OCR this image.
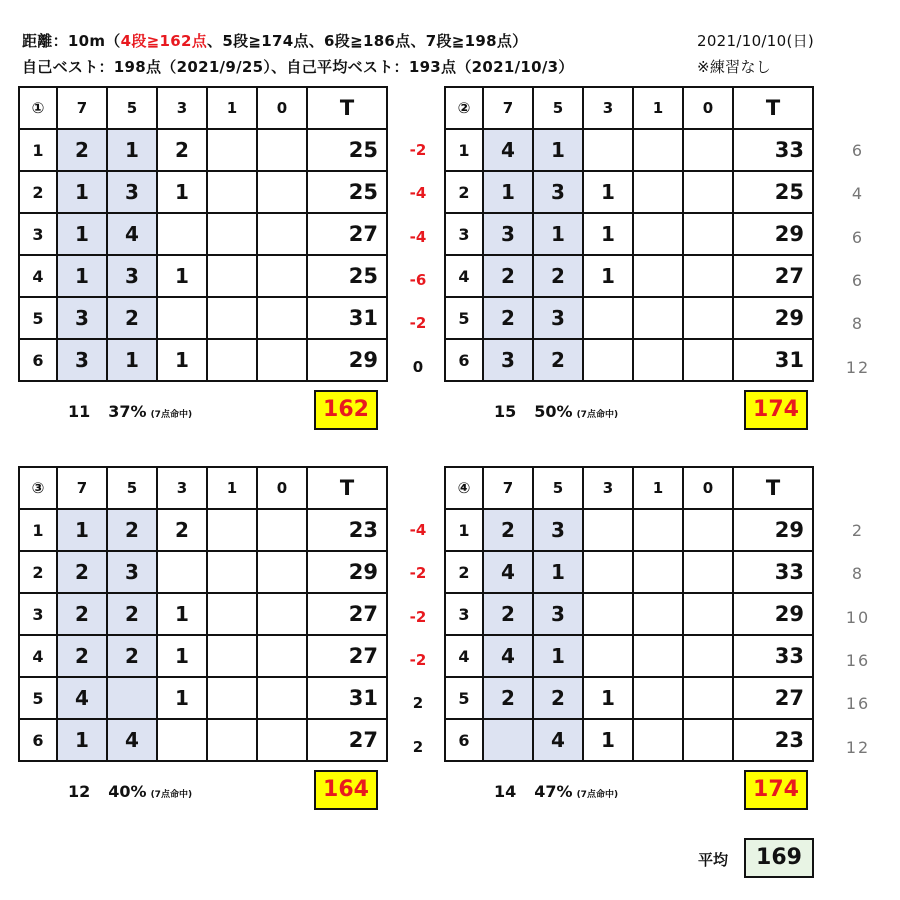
距離：10m（4段≧162点、5段≧174点、6段≧186点、7段≧198点）
自己ベスト：198点（2021/9/25）、自己平均ベスト：193点（2021/10/3）
2021/10/10(日)
※練習なし
-2
-4
-4
-6
-2
0
①	7	5	3	1	0	T
1	2	1	2			25
2	1	3	1			25
3	1	4				27
4	1	3	1			25
5	3	2				31
6	3	1	1			29
11 37% (7点命中)	162
6
4
6
6
8
12
②	7	5	3	1	0	T
1	4	1				33
2	1	3	1			25
3	3	1	1			29
4	2	2	1			27
5	2	3				29
6	3	2				31
15 50% (7点命中)	174
-4
-2
-2
-2
2
2
③	7	5	3	1	0	T
1	1	2	2			23
2	2	3				29
3	2	2	1			27
4	2	2	1			27
5	4		1			31
6	1	4				27
12 40% (7点命中)	164
2
8
10
16
16
12
④	7	5	3	1	0	T
1	2	3				29
2	4	1				33
3	2	3				29
4	4	1				33
5	2	2	1			27
6		4	1			23
14 47% (7点命中)	174
平均	169
